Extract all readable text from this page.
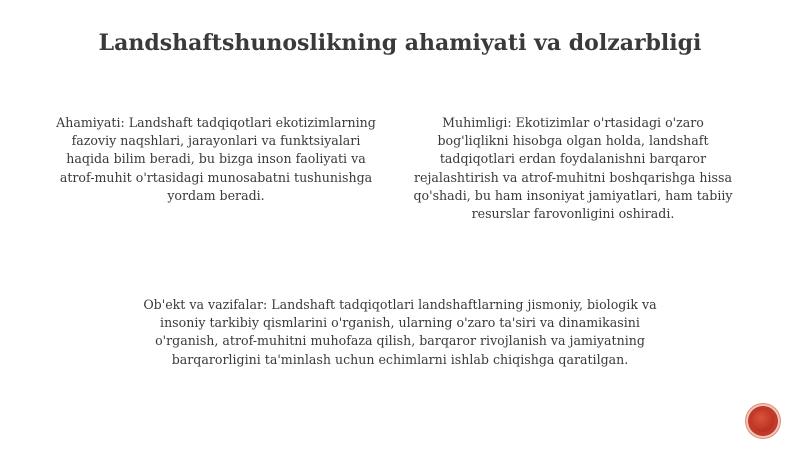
Landshaftshunoslikning ahamiyati va dolzarbligi

Ahamiyati: Landshaft tadqiqotlari ekotizimlarning fazoviy naqshlari, jarayonlari va funktsiyalari haqida bilim beradi, bu bizga inson faoliyati va atrof-muhit o'rtasidagi munosabatni tushunishga yordam beradi.

Muhimligi: Ekotizimlar o'rtasidagi o'zaro bog'liqlikni hisobga olgan holda, landshaft tadqiqotlari erdan foydalanishni barqaror rejalashtirish va atrof-muhitni boshqarishga hissa qo'shadi, bu ham insoniyat jamiyatlari, ham tabiiy resurslar farovonligini oshiradi.

Ob'ekt va vazifalar: Landshaft tadqiqotlari landshaftlarning jismoniy, biologik va insoniy tarkibiy qismlarini o'rganish, ularning o'zaro ta'siri va dinamikasini o'rganish, atrof-muhitni muhofaza qilish, barqaror rivojlanish va jamiyatning barqarorligini ta'minlash uchun echimlarni ishlab chiqishga qaratilgan.
